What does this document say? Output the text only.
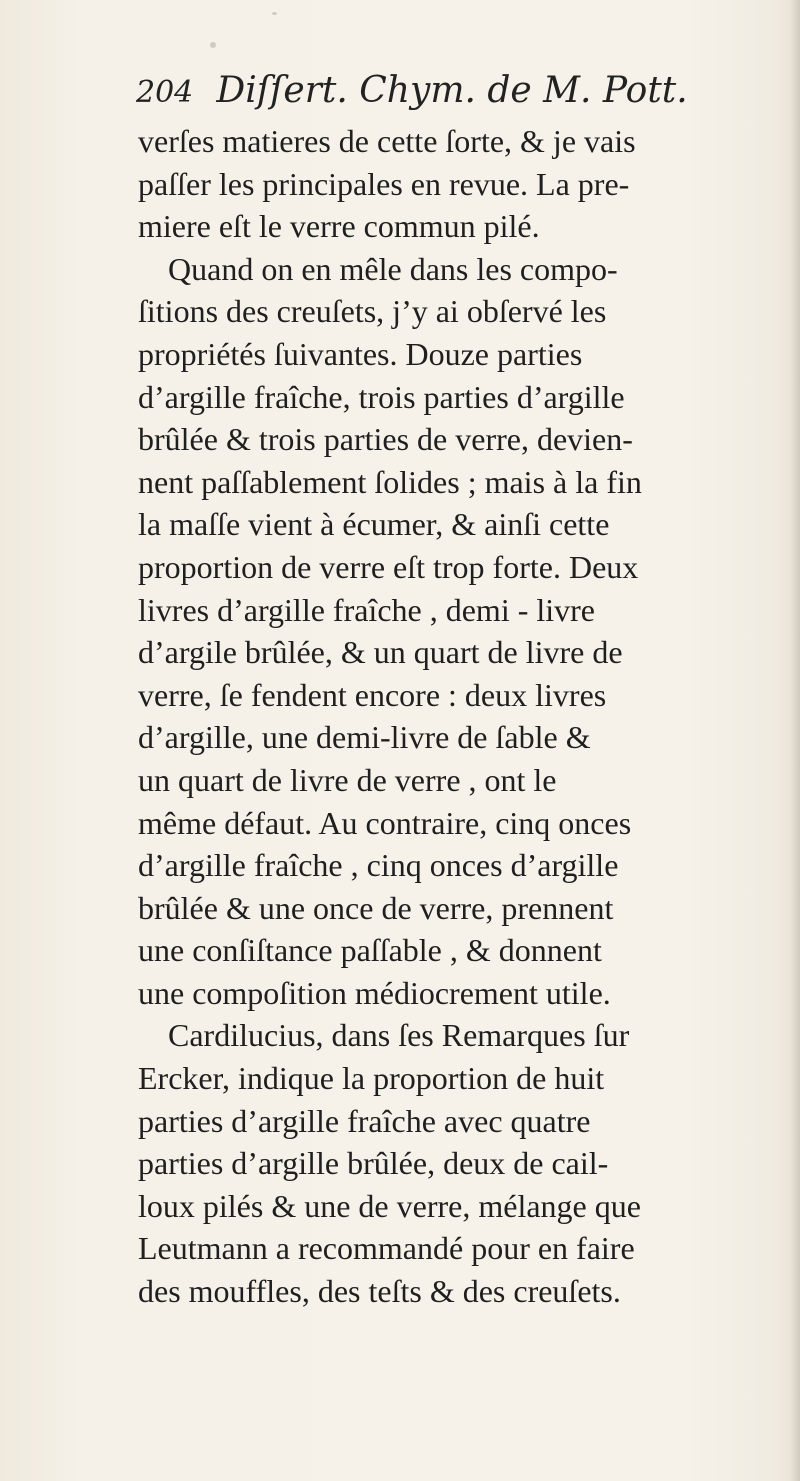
204 Diſſert. Chym. de M. Pott.
verſes matieres de cette ſorte, & je vais
paſſer les principales en revue. La pre-
miere eſt le verre commun pilé.
Quand on en mêle dans les compo-
ſitions des creuſets, j’y ai obſervé les
propriétés ſuivantes. Douze parties
d’argille fraîche, trois parties d’argille
brûlée & trois parties de verre, devien-
nent paſſablement ſolides ; mais à la fin
la maſſe vient à écumer, & ainſi cette
proportion de verre eſt trop forte. Deux
livres d’argille fraîche , demi - livre
d’argile brûlée, & un quart de livre de
verre, ſe fendent encore : deux livres
d’argille, une demi-livre de ſable &
un quart de livre de verre , ont le
même défaut. Au contraire, cinq onces
d’argille fraîche , cinq onces d’argille
brûlée & une once de verre, prennent
une conſiſtance paſſable , & donnent
une compoſition médiocrement utile.
Cardilucius, dans ſes Remarques ſur
Ercker, indique la proportion de huit
parties d’argille fraîche avec quatre
parties d’argille brûlée, deux de cail-
loux pilés & une de verre, mélange que
Leutmann a recommandé pour en faire
des mouffles, des teſts & des creuſets.
